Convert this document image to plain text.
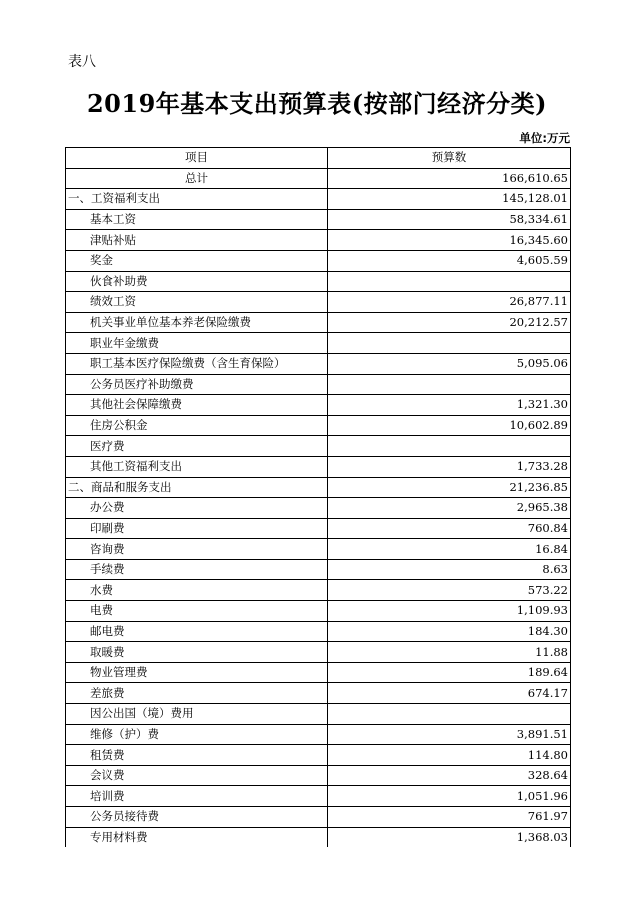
表八
2019年基本支出预算表(按部门经济分类)
单位:万元
项目	预算数
总计	166,610.65
一、工资福利支出	145,128.01
基本工资	58,334.61
津贴补贴	16,345.60
奖金	4,605.59
伙食补助费	
绩效工资	26,877.11
机关事业单位基本养老保险缴费	20,212.57
职业年金缴费	
职工基本医疗保险缴费（含生育保险）	5,095.06
公务员医疗补助缴费	
其他社会保障缴费	1,321.30
住房公积金	10,602.89
医疗费	
其他工资福利支出	1,733.28
二、商品和服务支出	21,236.85
办公费	2,965.38
印刷费	760.84
咨询费	16.84
手续费	8.63
水费	573.22
电费	1,109.93
邮电费	184.30
取暖费	11.88
物业管理费	189.64
差旅费	674.17
因公出国（境）费用	
维修（护）费	3,891.51
租赁费	114.80
会议费	328.64
培训费	1,051.96
公务员接待费	761.97
专用材料费	1,368.03
